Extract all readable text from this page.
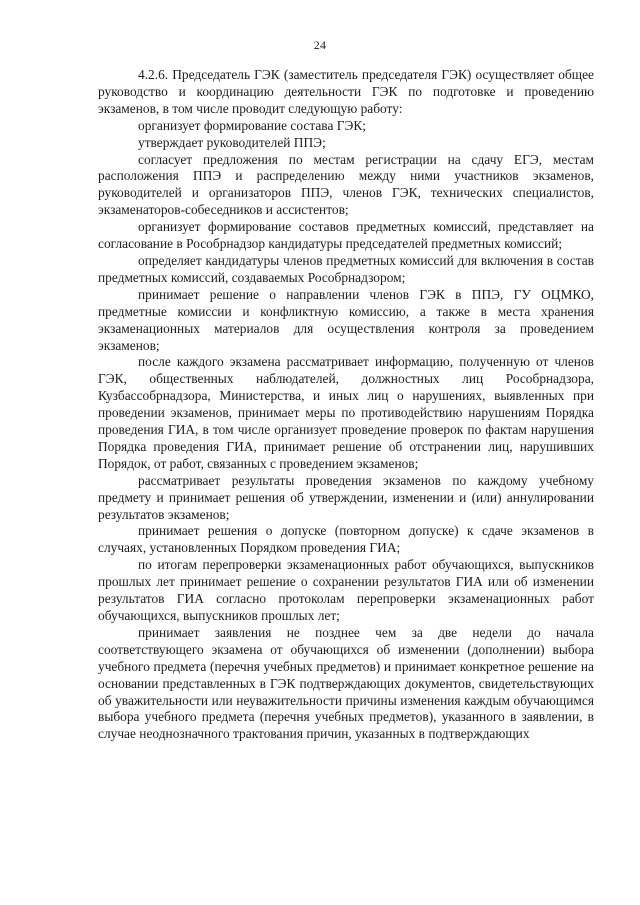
24

4.2.6. Председатель ГЭК (заместитель председателя ГЭК) осуществляет общее руководство и координацию деятельности ГЭК по подготовке и проведению экзаменов, в том числе проводит следующую работу:

организует формирование состава ГЭК;

утверждает руководителей ППЭ;

согласует предложения по местам регистрации на сдачу ЕГЭ, местам расположения ППЭ и распределению между ними участников экзаменов, руководителей и организаторов ППЭ, членов ГЭК, технических специалистов, экзаменаторов-собеседников и ассистентов;

организует формирование составов предметных комиссий, представляет на согласование в Рособрнадзор кандидатуры председателей предметных комиссий;

определяет кандидатуры членов предметных комиссий для включения в состав предметных комиссий, создаваемых Рособрнадзором;

принимает решение о направлении членов ГЭК в ППЭ, ГУ ОЦМКО, предметные комиссии и конфликтную комиссию, а также в места хранения экзаменационных материалов для осуществления контроля за проведением экзаменов;

после каждого экзамена рассматривает информацию, полученную от членов ГЭК, общественных наблюдателей, должностных лиц Рособрнадзора, Кузбассобрнадзора, Министерства, и иных лиц о нарушениях, выявленных при проведении экзаменов, принимает меры по противодействию нарушениям Порядка проведения ГИА, в том числе организует проведение проверок по фактам нарушения Порядка проведения ГИА, принимает решение об отстранении лиц, нарушивших Порядок, от работ, связанных с проведением экзаменов;

рассматривает результаты проведения экзаменов по каждому учебному предмету и принимает решения об утверждении, изменении и (или) аннулировании результатов экзаменов;

принимает решения о допуске (повторном допуске) к сдаче экзаменов в случаях, установленных Порядком проведения ГИА;

по итогам перепроверки экзаменационных работ обучающихся, выпускников прошлых лет принимает решение о сохранении результатов ГИА или об изменении результатов ГИА согласно протоколам перепроверки экзаменационных работ обучающихся, выпускников прошлых лет;

принимает заявления не позднее чем за две недели до начала соответствующего экзамена от обучающихся об изменении (дополнении) выбора учебного предмета (перечня учебных предметов) и принимает конкретное решение на основании представленных в ГЭК подтверждающих документов, свидетельствующих об уважительности или неуважительности причины изменения каждым обучающимся выбора учебного предмета (перечня учебных предметов), указанного в заявлении, в случае неоднозначного трактования причин, указанных в подтверждающих
